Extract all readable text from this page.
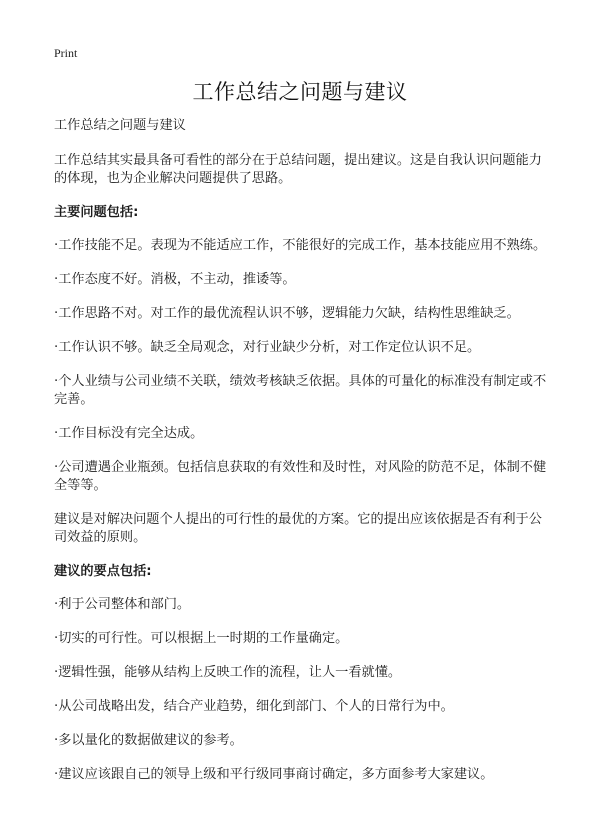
Print
工作总结之问题与建议

工作总结之问题与建议

工作总结其实最具备可看性的部分在于总结问题，提出建议。这是自我认识问题能力的体现，也为企业解决问题提供了思路。

主要问题包括:

·工作技能不足。表现为不能适应工作，不能很好的完成工作，基本技能应用不熟练。

·工作态度不好。消极，不主动，推诿等。

·工作思路不对。对工作的最优流程认识不够，逻辑能力欠缺，结构性思维缺乏。

·工作认识不够。缺乏全局观念，对行业缺少分析，对工作定位认识不足。

·个人业绩与公司业绩不关联，绩效考核缺乏依据。具体的可量化的标准没有制定或不完善。

·工作目标没有完全达成。

·公司遭遇企业瓶颈。包括信息获取的有效性和及时性，对风险的防范不足，体制不健全等等。

建议是对解决问题个人提出的可行性的最优的方案。它的提出应该依据是否有利于公司效益的原则。

建议的要点包括:

·利于公司整体和部门。

·切实的可行性。可以根据上一时期的工作量确定。

·逻辑性强，能够从结构上反映工作的流程，让人一看就懂。

·从公司战略出发，结合产业趋势，细化到部门、个人的日常行为中。

·多以量化的数据做建议的参考。

·建议应该跟自己的领导上级和平行级同事商讨确定，多方面参考大家建议。
